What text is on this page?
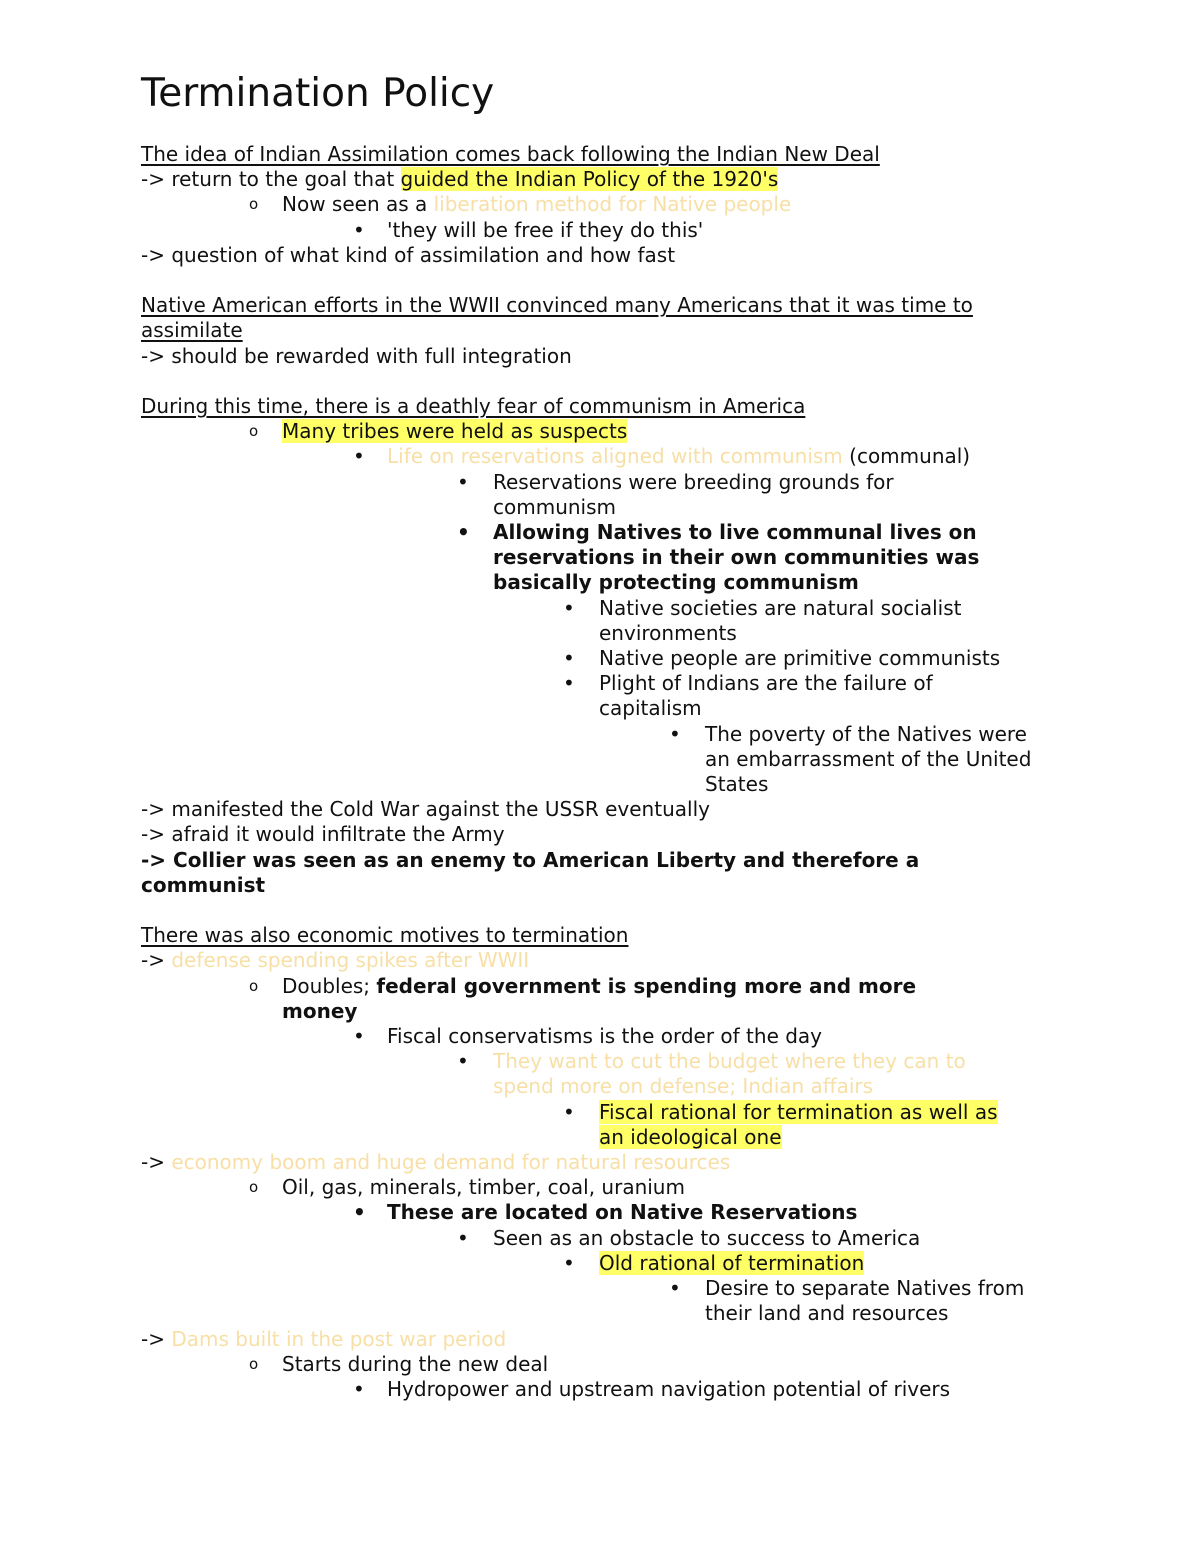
Termination Policy
The idea of Indian Assimilation comes back following the Indian New Deal
-> return to the goal that guided the Indian Policy of the 1920's
o Now seen as a liberation method for Native people
• 'they will be free if they do this'
-> question of what kind of assimilation and how fast
Native American efforts in the WWII convinced many Americans that it was time to
assimilate
-> should be rewarded with full integration
During this time, there is a deathly fear of communism in America
o Many tribes were held as suspects
• Life on reservations aligned with communism (communal)
• Reservations were breeding grounds for
communism
• Allowing Natives to live communal lives on
reservations in their own communities was
basically protecting communism
• Native societies are natural socialist
environments
• Native people are primitive communists
• Plight of Indians are the failure of
capitalism
• The poverty of the Natives were
an embarrassment of the United
States
-> manifested the Cold War against the USSR eventually
-> afraid it would infiltrate the Army
-> Collier was seen as an enemy to American Liberty and therefore a
communist
There was also economic motives to termination
-> defense spending spikes after WWII
o Doubles; federal government is spending more and more
money
• Fiscal conservatisms is the order of the day
• They want to cut the budget where they can to
spend more on defense; Indian affairs
• Fiscal rational for termination as well as
an ideological one
-> economy boom and huge demand for natural resources
o Oil, gas, minerals, timber, coal, uranium
• These are located on Native Reservations
• Seen as an obstacle to success to America
• Old rational of termination
• Desire to separate Natives from
their land and resources
-> Dams built in the post war period
o Starts during the new deal
• Hydropower and upstream navigation potential of rivers
